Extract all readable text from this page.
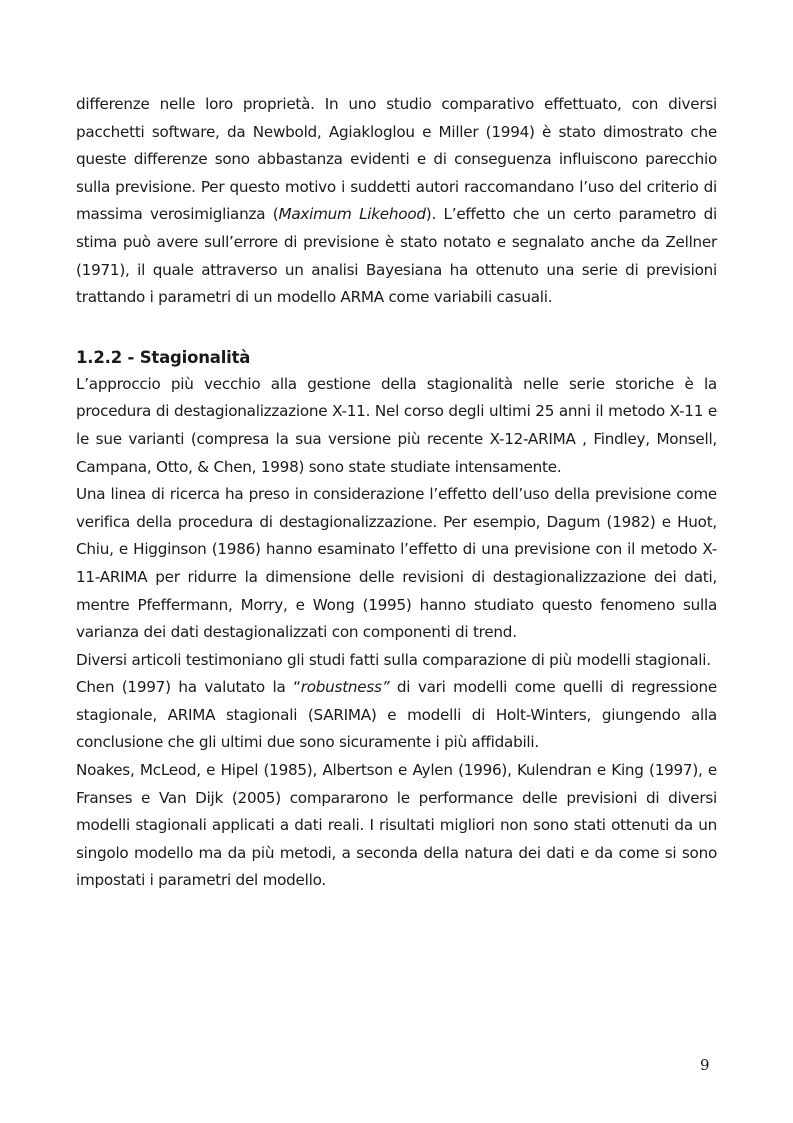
differenze nelle loro proprietà. In uno studio comparativo effettuato, con diversi pacchetti software, da Newbold, Agiakloglou e Miller (1994) è stato dimostrato che queste differenze sono abbastanza evidenti e di conseguenza influiscono parecchio sulla previsione. Per questo motivo i suddetti autori raccomandano l’uso del criterio di massima verosimiglianza (Maximum Likehood). L’effetto che un certo parametro di stima può avere sull’errore di previsione è stato notato e segnalato anche da Zellner (1971), il quale attraverso un analisi Bayesiana ha ottenuto una serie di previsioni trattando i parametri di un modello ARMA come variabili casuali.

1.2.2 - Stagionalità

L’approccio più vecchio alla gestione della stagionalità nelle serie storiche è la procedura di destagionalizzazione X-11. Nel corso degli ultimi 25 anni il metodo X-11 e le sue varianti (compresa la sua versione più recente X-12-ARIMA , Findley, Monsell, Campana, Otto, & Chen, 1998) sono state studiate intensamente.

Una linea di ricerca ha preso in considerazione l’effetto dell’uso della previsione come verifica della procedura di destagionalizzazione. Per esempio, Dagum (1982) e Huot, Chiu, e Higginson (1986) hanno esaminato l’effetto di una previsione con il metodo X-11-ARIMA per ridurre la dimensione delle revisioni di destagionalizzazione dei dati, mentre Pfeffermann, Morry, e Wong (1995) hanno studiato questo fenomeno sulla varianza dei dati destagionalizzati con componenti di trend.

Diversi articoli testimoniano gli studi fatti sulla comparazione di più modelli stagionali.

Chen (1997) ha valutato la “robustness” di vari modelli come quelli di regressione stagionale, ARIMA stagionali (SARIMA) e modelli di Holt-Winters, giungendo alla conclusione che gli ultimi due sono sicuramente i più affidabili.

Noakes, McLeod, e Hipel (1985), Albertson e Aylen (1996), Kulendran e King (1997), e Franses e Van Dijk (2005) compararono le performance delle previsioni di diversi modelli stagionali applicati a dati reali. I risultati migliori non sono stati ottenuti da un singolo modello ma da più metodi, a seconda della natura dei dati e da come si sono impostati i parametri del modello.

9
